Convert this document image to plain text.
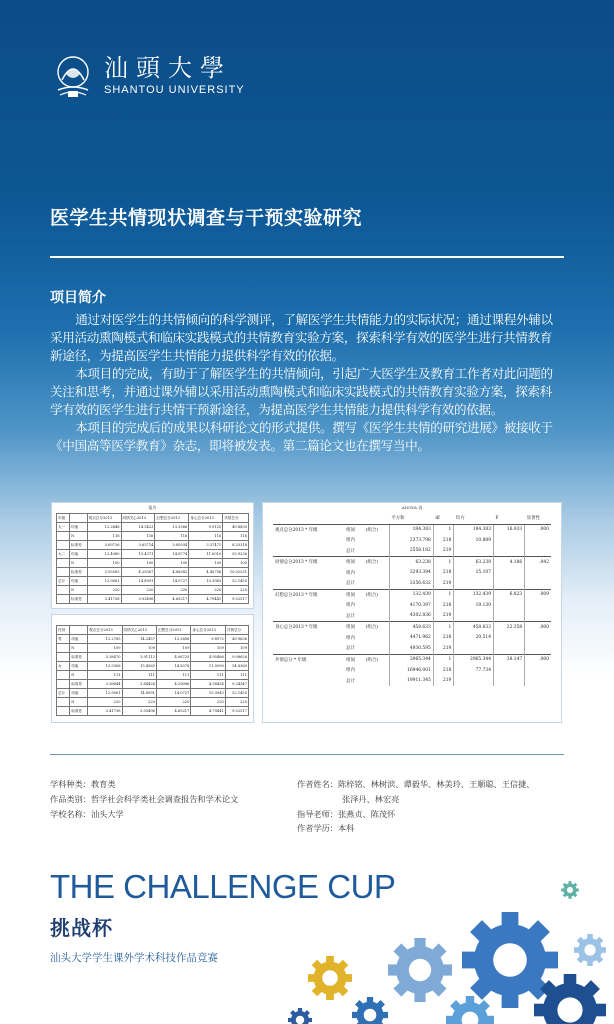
汕頭大學
SHANTOU UNIVERSITY
医学生共情现状调查与干预实验研究
项目简介

通过对医学生的共情倾向的科学测评，了解医学生共情能力的实际状况；通过课程外辅以采用活动熏陶模式和临床实践模式的共情教育实验方案，探索科学有效的医学生进行共情教育新途径，为提高医学生共情能力提供科学有效的依据。

本项目的完成，有助于了解医学生的共情倾向，引起广大医学生及教育工作者对此问题的关注和思考，并通过课外辅以采用活动熏陶模式和临床实践模式的共情教育实验方案，探索科学有效的医学生进行共情干预新途径，为提高医学生共情能力提供科学有效的依据。

本项目的完成后的成果以科研论文的形式提供。撰写《医学生共情的研究进展》被接收于《中国高等医学教育》杂志，即将被发表。第二篇论文也在撰写当中。

报告
年级		观点总分2013	同情关心2013	幻想总分2013	身心总分2013	共情总分
大一	均值	12.2848	14.3423	13.3366	9.9125	49.8850
	N	116	116	116	116	116
	标准差	3.69726	3.63714	3.85934	3.37471	8.25318
大二	均值	13.4080	15.4371	14.8774	11.0010	55.9236
	N	100	100	100	100	100
	标准差	3.55583	4.25567	4.88382	4.40756	10.02231
总计	均值	12.9061	14.8991	14.0727	10.3943	52.1455
	N	220	220	220	220	220
	标准差	3.41738	3.93496	4.65217	4.79441	9.52517
性别		观点总分2013	同情关心2013	幻想总分2013	身心总分2013	共情总分
男	均值	12.2765	14.2457	13.2856	9.8972	49.9636
	N	109	109	109	109	109
	标准差	3.38470	3.91112	4.06725	4.95466	9.08628
女	均值	13.5306	15.4565	14.8378	11.0090	54.8369
	N	111	111	111	111	111
	标准差	3.36844	3.84424	4.29086	4.58424	9.24347
总计	均值	12.9061	14.8991	14.0727	10.3943	52.1455
	N	220	220	220	220	220
	标准差	3.41738	3.93496	4.65217	4.79441	9.52517
ANOVA 表
			平方和	df	均方	F	显著性
观点总分2013 * 年级	组间	(组合)	184.383	1	184.383	16.933	.000
	组内		2373.798	218	10.889		
	总计		2558.182	219			
同情总分2013 * 年级	组间	(组合)	63.238	1	63.238	4.186	.042
	组内		3293.394	218	15.107		
	总计		3356.632	219			
幻想总分2013 * 年级	组间	(组合)	132.439	1	132.439	6.823	.009
	组内		4170.397	218	19.130		
	总计		4302.836	219			
身心总分2013 * 年级	组间	(组合)	458.633	1	458.633	22.358	.000
	组内		4471.962	218	20.514		
	总计		4930.595	219			
共情总分 * 年级	组间	(组合)	2965.344	1	2965.344	38.147	.000
	组内		16946.001	218	77.734		
	总计		19911.345	219			
学科种类：教育类
作品类别：哲学社会科学类社会调查报告和学术论文
学校名称：汕头大学
作者姓名：陈梓铭、林树滨、谭毅华、林美玲、王顺聪、王信捷、
张泽丹、林宏亮
指导老师：张燕贞、陈茂怀
作者学历：本科
THE CHALLENGE CUP
挑战杯
汕头大学学生课外学术科技作品竞赛
